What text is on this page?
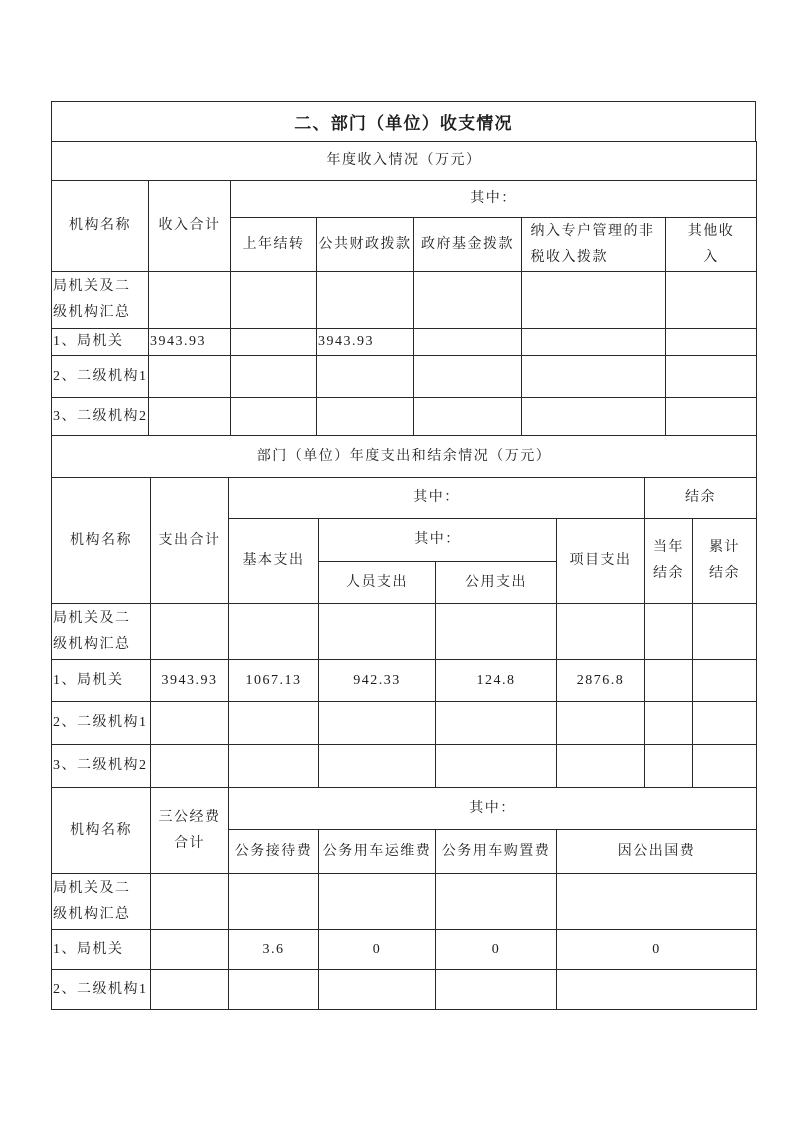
二、部门（单位）收支情况
年度收入情况（万元）						
机构名称	收入合计	其中：				
		上年结转	公共财政拨款	政府基金拨款	纳入专户管理的非税收入拨款	其他收入
局机关及二级机构汇总						
1、局机关	3943.93		3943.93			
2、二级机构1						
3、二级机构2						
部门（单位）年度支出和结余情况（万元）							
机构名称	支出合计	其中：				结余	
		基本支出	其中：		项目支出	当年结余	累计结余
			人员支出	公用支出			
局机关及二级机构汇总							
1、局机关	3943.93	1067.13	942.33	124.8	2876.8		
2、二级机构1							
3、二级机构2							
机构名称	三公经费合计	其中：					
		公务接待费	公务用车运维费	公务用车购置费	因公出国费		
局机关及二级机构汇总							
1、局机关		3.6	0	0	0		
2、二级机构1							
